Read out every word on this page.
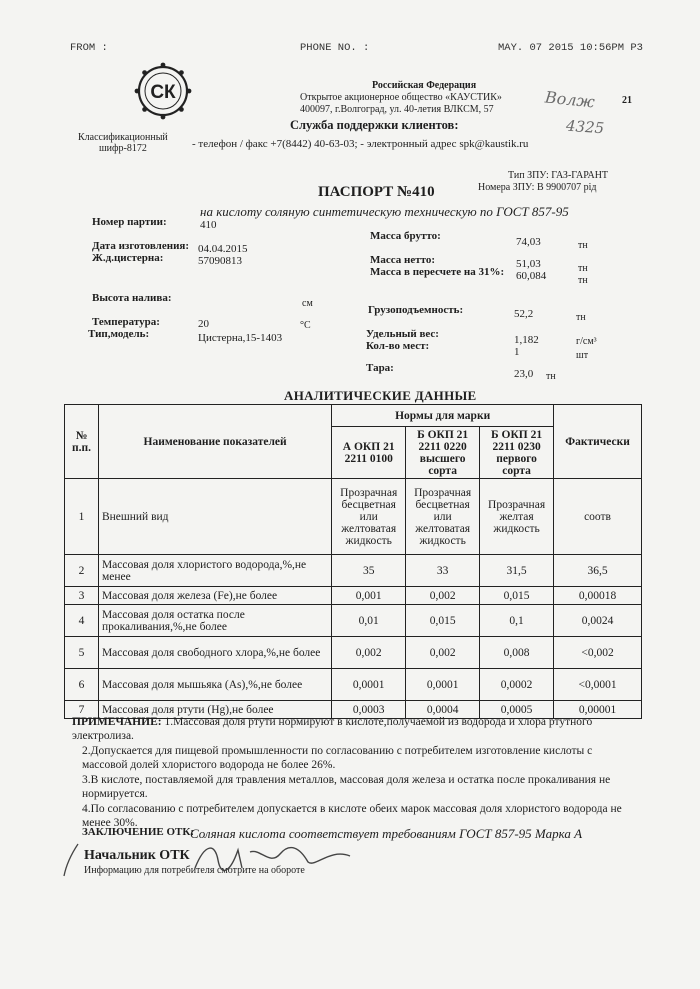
FROM :	PHONE NO. :	MAY. 07 2015 10:56PM P3
СК	Российская Федерация
Открытое акционерное общество «КАУСТИК»
400097, г.Волгоград, ул. 40-летия ВЛКСМ, 57
Служба поддержки клиентов:
- телефон / факс +7(8442) 40-63-03; - электронный адрес spk@kaustik.ru
Классификационный
шифр-8172
Волж	21
4325
Тип ЗПУ: ГАЗ-ГАРАНТ
Номера ЗПУ: В 9900707 рiд
ПАСПОРТ №410
на кислоту соляную синтетическую техническую по ГОСТ 857-95
Номер партии:	410
Дата изготовления: 04.04.2015
Ж.д.цистерна:	57090813
Высота налива:	см
Температура:	20	°С
Тип,модель:	Цистерна,15-1403
Масса брутто:	74,03	тн
Масса нетто:	51,03	тн
Масса в пересчете на 31%: 60,084	тн
Грузоподъемность:	52,2	тн
Удельный вес:	1,182	г/см³
Кол-во мест:	1	шт
Тара:	23,0 тн
АНАЛИТИЧЕСКИЕ ДАННЫЕ
№ п.п.	Наименование показателей	Нормы для марки			Фактически
		А ОКП 21 2211 0100	Б ОКП 21 2211 0220 высшего сорта	Б ОКП 21 2211 0230 первого сорта	
1	Внешний вид	Прозрачная бесцветная или желтоватая жидкость	Прозрачная бесцветная или желтоватая жидкость	Прозрачная желтая жидкость	соотв
2	Массовая доля хлористого водорода,%,не менее	35	33	31,5	36,5
3	Массовая доля железа (Fe),не более	0,001	0,002	0,015	0,00018
4	Массовая доля остатка после прокаливания,%,не более	0,01	0,015	0,1	0,0024
5	Массовая доля свободного хлора,%,не более	0,002	0,002	0,008	<0,002
6	Массовая доля мышьяка (As),%,не более	0,0001	0,0001	0,0002	<0,0001
7	Массовая доля ртути (Hg),не более	0,0003	0,0004	0,0005	0,00001

ПРИМЕЧАНИЕ: 1.Массовая доля ртути нормируют в кислоте,получаемой из водорода и хлора ртутного электролиза.

2.Допускается для пищевой промышленности по согласованию с потребителем изготовление кислоты с массовой долей хлористого водорода не более 26%.

3.В кислоте, поставляемой для травления металлов, массовая доля железа и остатка после прокаливания не нормируется.

4.По согласованию с потребителем допускается в кислоте обеих марок массовая доля хлористого водорода не менее 30%.

ЗАКЛЮЧЕНИЕ ОТК:
Соляная кислота соответствует требованиям ГОСТ 857-95 Марка А
Начальник ОТК
Информацию для потребителя смотрите на обороте
